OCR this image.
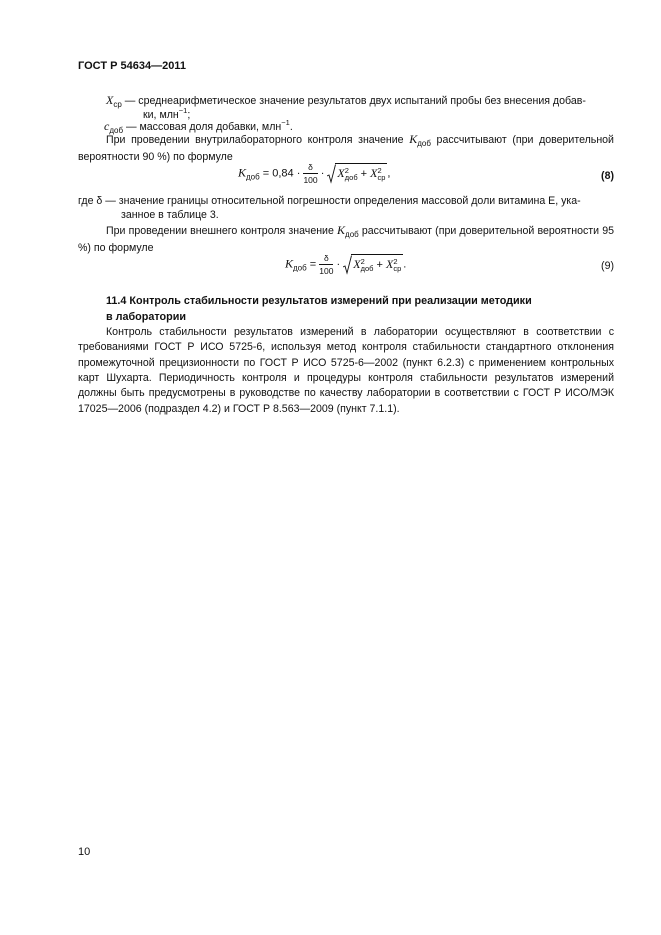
ГОСТ Р 54634—2011
$X_{ср}$ — среднеарифметическое значение результатов двух испытаний пробы без внесения добав-
ки, млн$^{-1}$;
$c_{доб}$ — массовая доля добавки, млн$^{-1}$.
При проведении внутрилабораторного контроля значение $K_{доб}$ рассчитывают (при доверительной вероятности 90 %) по формуле
$K_{доб} = 0,84 \cdot \frac{\delta}{100} \cdot X$ 2
доб + X 2
ср ,	(8)
где δ — значение границы относительной погрешности определения массовой доли витамина Е, ука-
занное в таблице 3.
При проведении внешнего контроля значение $K_{доб}$ рассчитывают (при доверительной вероятности 95 %) по формуле
$K_{доб} = \frac{\delta}{100} \cdot X$ 2
доб + X 2
ср .	(9)
11.4 Контроль стабильности результатов измерений при реализации методики
в лаборатории
Контроль стабильности результатов измерений в лаборатории осуществляют в соответствии с требованиями ГОСТ Р ИСО 5725-6, используя метод контроля стабильности стандартного отклонения промежуточной прецизионности по ГОСТ Р ИСО 5725-6—2002 (пункт 6.2.3) с применением контрольных карт Шухарта. Периодичность контроля и процедуры контроля стабильности результатов измерений должны быть предусмотрены в руководстве по качеству лаборатории в соответствии с ГОСТ Р ИСО/МЭК 17025—2006 (подраздел 4.2) и ГОСТ Р 8.563—2009 (пункт 7.1.1).
10
